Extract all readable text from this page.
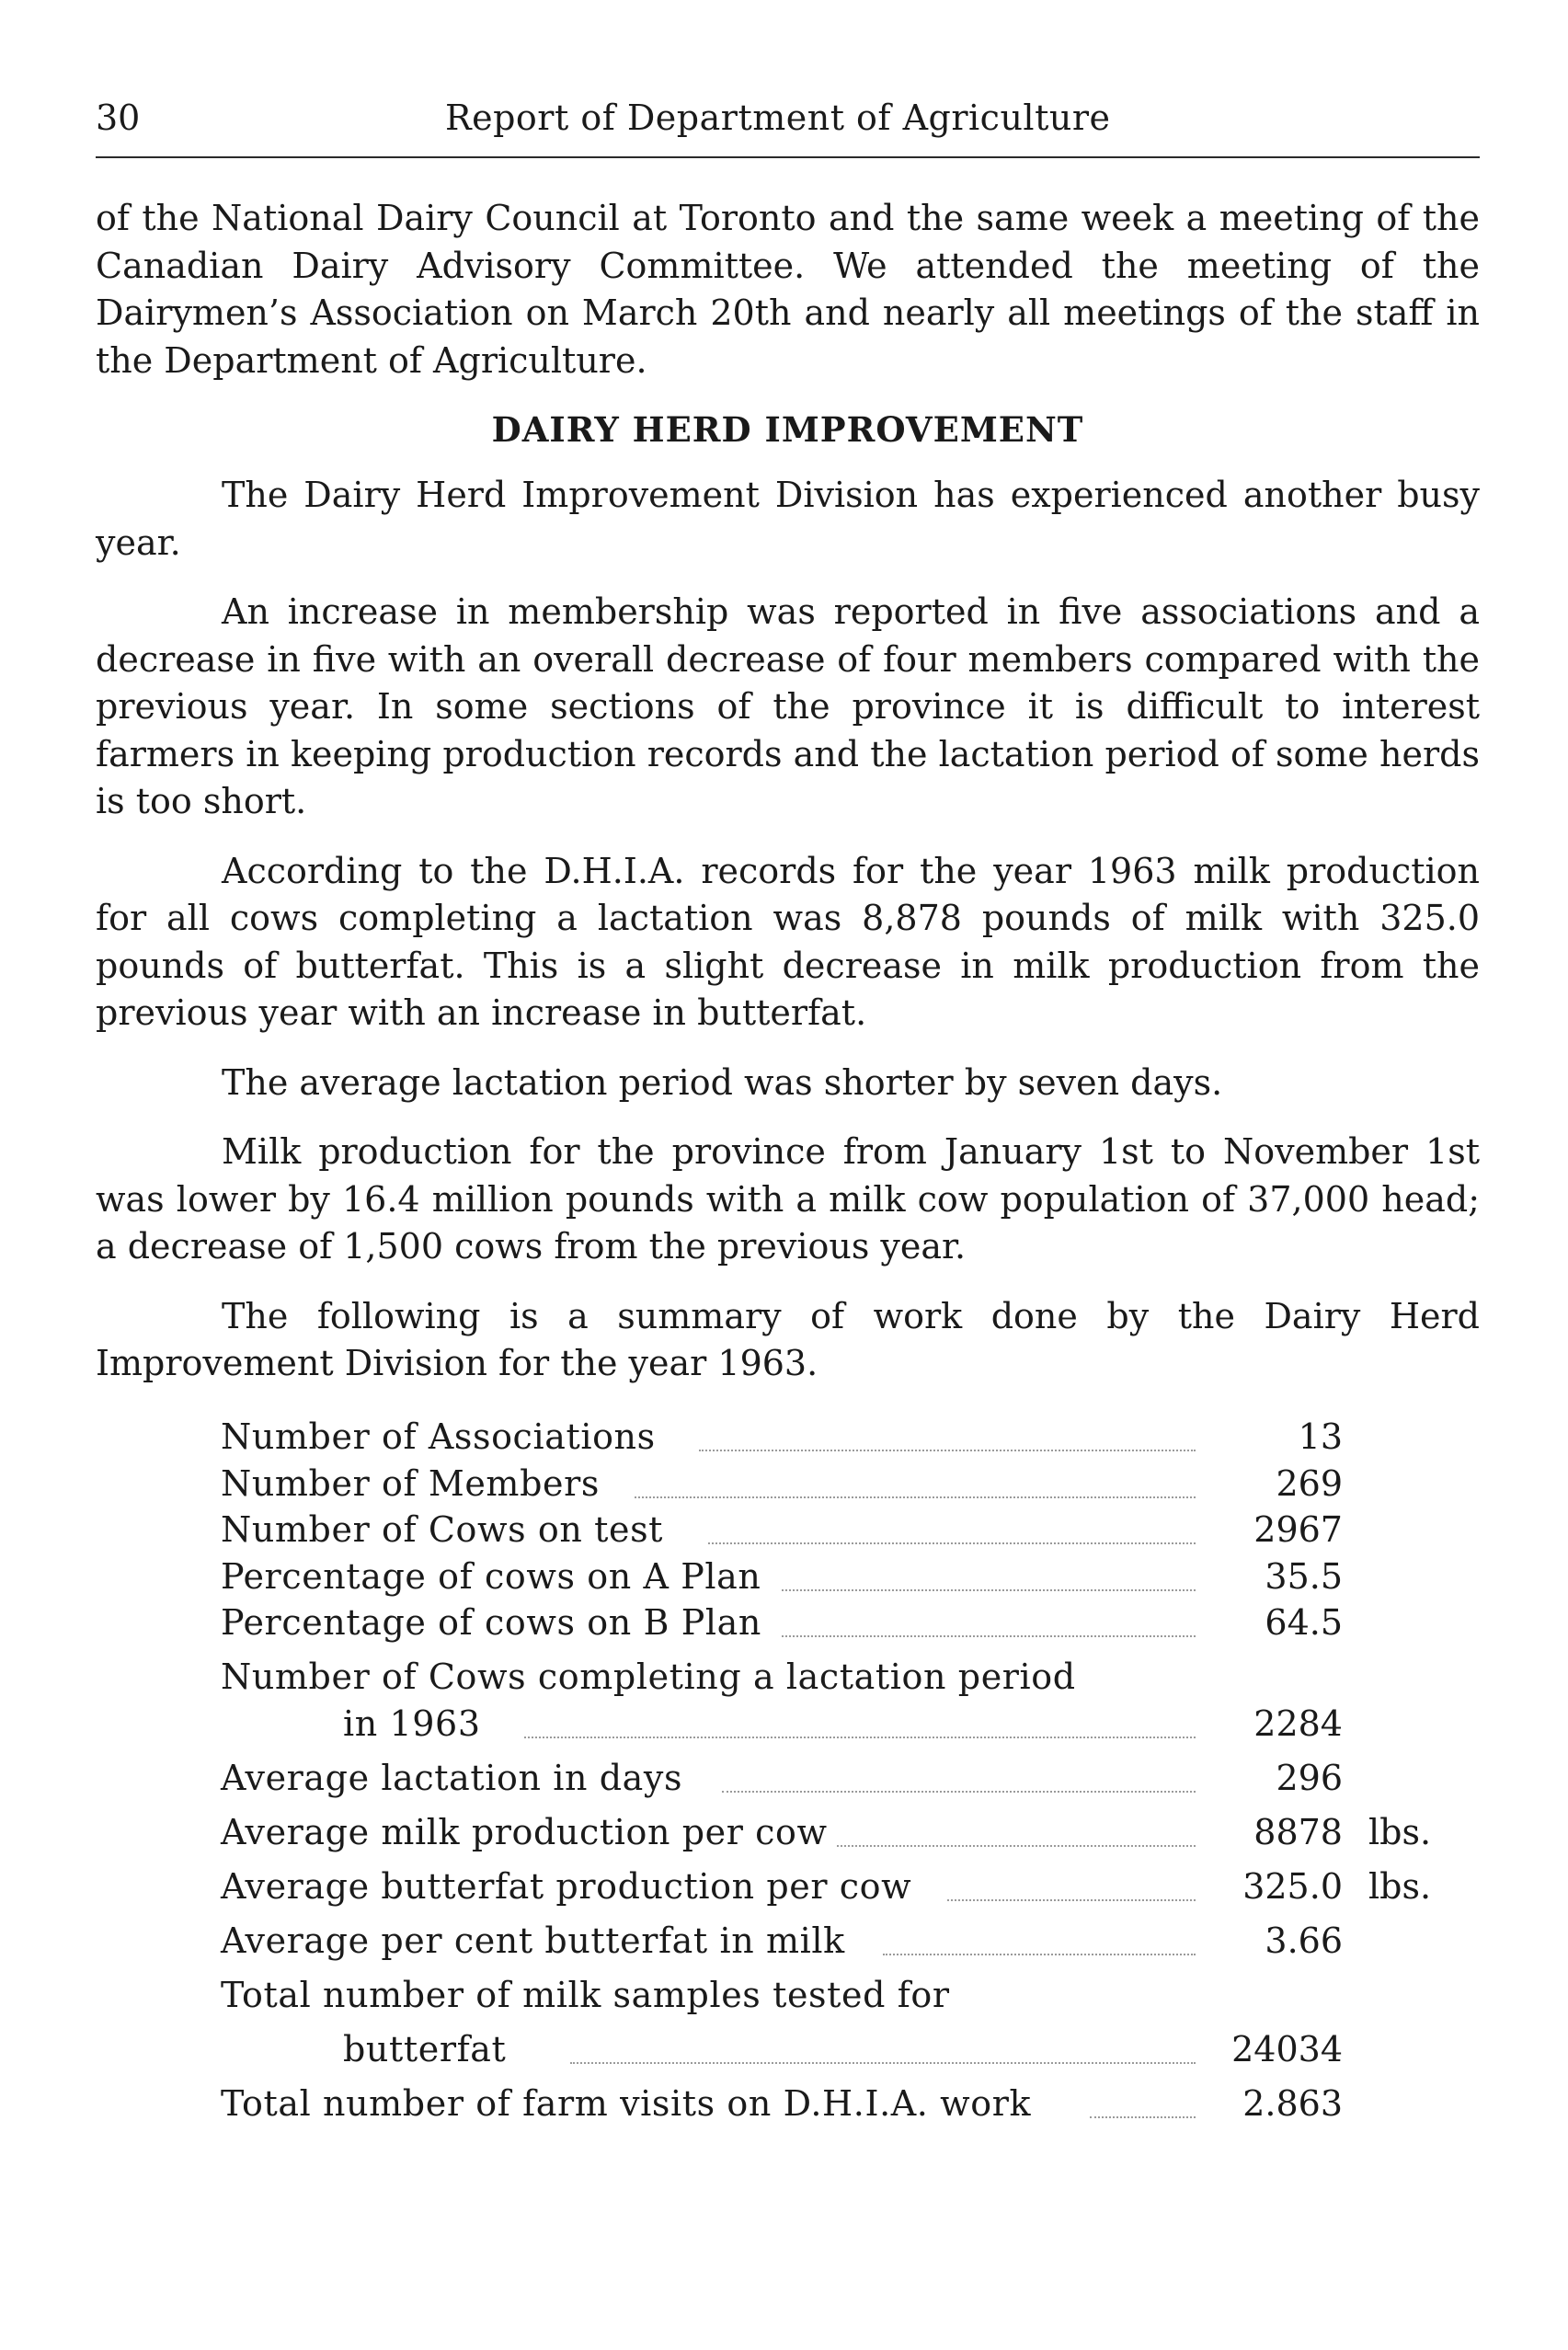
30	Report of Department of Agriculture

of the National Dairy Council at Toronto and the same week a meeting of the Canadian Dairy Advisory Committee. We attended the meeting of the Dairymen’s Association on March 20th and nearly all meetings of the staff in the Department of Agriculture.

DAIRY HERD IMPROVEMENT

The Dairy Herd Improvement Division has experienced another busy year.

An increase in membership was reported in five associations and a decrease in five with an overall decrease of four members compared with the previous year. In some sections of the province it is difficult to interest farmers in keeping production records and the lactation period of some herds is too short.

According to the D.H.I.A. records for the year 1963 milk production for all cows completing a lactation was 8,878 pounds of milk with 325.0 pounds of butterfat. This is a slight decrease in milk production from the previous year with an increase in butterfat.

The average lactation period was shorter by seven days.

Milk production for the province from January 1st to November 1st was lower by 16.4 million pounds with a milk cow population of 37,000 head; a decrease of 1,500 cows from the previous year.

The following is a summary of work done by the Dairy Herd Improvement Division for the year 1963.

Number of Associations	13
Number of Members	269
Number of Cows on test	2967
Percentage of cows on A Plan	35.5
Percentage of cows on B Plan	64.5
Number of Cows completing a lactation period
in 1963	2284
Average lactation in days	296
Average milk production per cow	8878 lbs.
Average butterfat production per cow	325.0 lbs.
Average per cent butterfat in milk	3.66
Total number of milk samples tested for
butterfat	24034
Total number of farm visits on D.H.I.A. work	2.863
